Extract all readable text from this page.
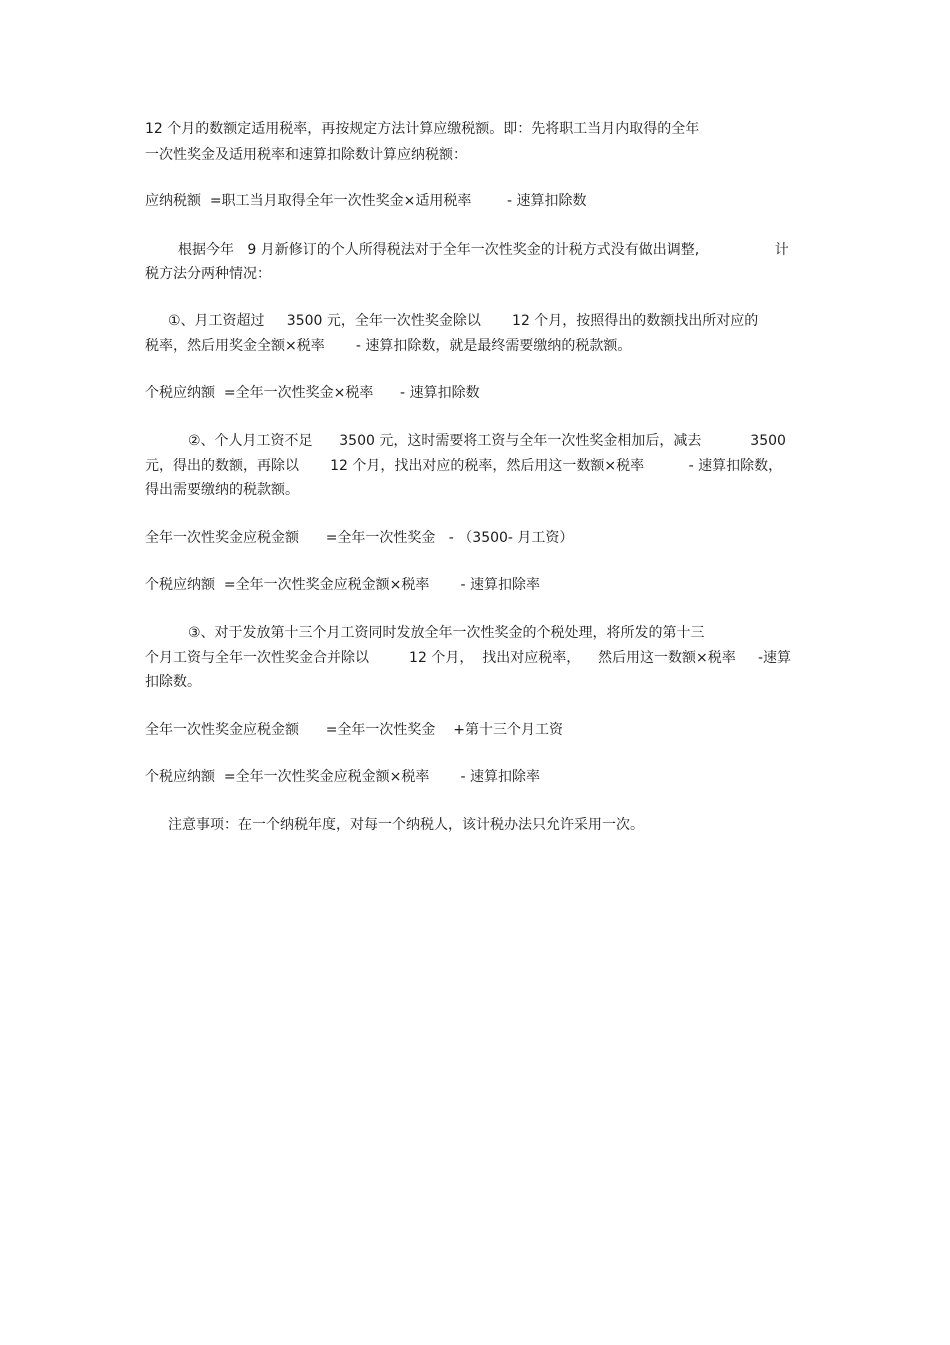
12 个月的数额定适用税率，再按规定方法计算应缴税额。即：先将职工当月内取得的全年
一次性奖金及适用税率和速算扣除数计算应纳税额：
应纳税额  =职工当月取得全年一次性奖金×适用税率        - 速算扣除数
根据今年   9 月新修订的个人所得税法对于全年一次性奖金的计税方式没有做出调整,                 计
税方法分两种情况：
①、月工资超过     3500 元，全年一次性奖金除以       12 个月，按照得出的数额找出所对应的
税率，然后用奖金全额×税率       - 速算扣除数，就是最终需要缴纳的税款额。
个税应纳额  =全年一次性奖金×税率      - 速算扣除数
②、个人月工资不足      3500 元，这时需要将工资与全年一次性奖金相加后，减去           3500
元，得出的数额，再除以       12 个月，找出对应的税率，然后用这一数额×税率          - 速算扣除数，
得出需要缴纳的税款额。
全年一次性奖金应税金额      =全年一次性奖金   - （3500- 月工资）
个税应纳额  =全年一次性奖金应税金额×税率       - 速算扣除率
③、对于发放第十三个月工资同时发放全年一次性奖金的个税处理，将所发的第十三
个月工资与全年一次性奖金合并除以         12 个月，  找出对应税率，    然后用这一数额×税率     -速算
扣除数。
全年一次性奖金应税金额      =全年一次性奖金    +第十三个月工资
个税应纳额  =全年一次性奖金应税金额×税率       - 速算扣除率
注意事项：在一个纳税年度，对每一个纳税人，该计税办法只允许采用一次。
